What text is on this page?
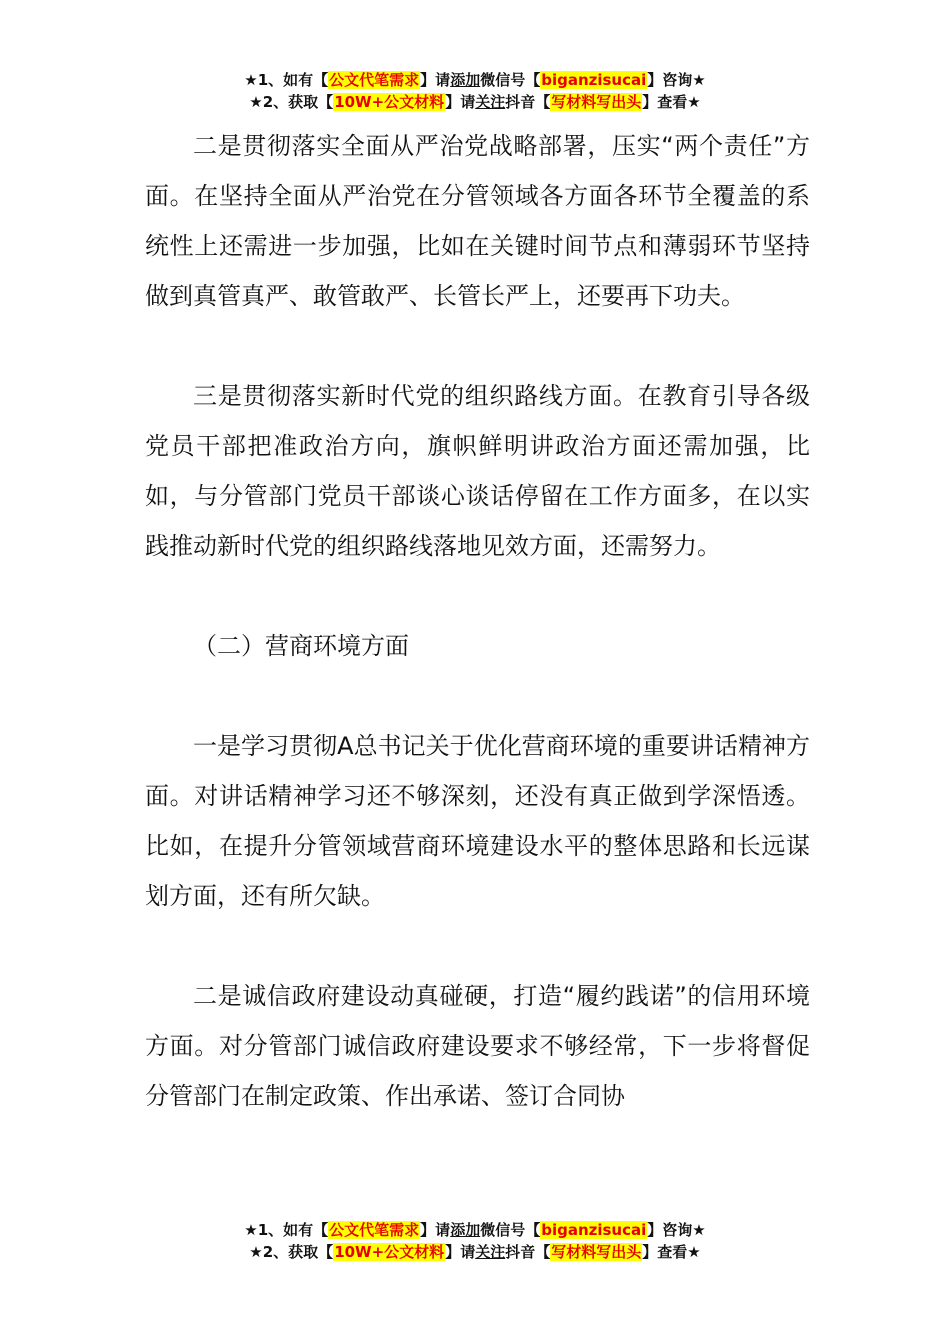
★1、如有【公文代笔需求】请添加微信号【biganzisucai】咨询★
★2、获取【10W+公文材料】请关注抖音【写材料写出头】查看★

二是贯彻落实全面从严治党战略部署，压实“两个责任”方面。在坚持全面从严治党在分管领域各方面各环节全覆盖的系统性上还需进一步加强，比如在关键时间节点和薄弱环节坚持做到真管真严、敢管敢严、长管长严上，还要再下功夫。

三是贯彻落实新时代党的组织路线方面。在教育引导各级党员干部把准政治方向，旗帜鲜明讲政治方面还需加强，比如，与分管部门党员干部谈心谈话停留在工作方面多，在以实践推动新时代党的组织路线落地见效方面，还需努力。

（二）营商环境方面

一是学习贯彻A总书记关于优化营商环境的重要讲话精神方面。对讲话精神学习还不够深刻，还没有真正做到学深悟透。比如，在提升分管领域营商环境建设水平的整体思路和长远谋划方面，还有所欠缺。

二是诚信政府建设动真碰硬，打造“履约践诺”的信用环境方面。对分管部门诚信政府建设要求不够经常，下一步将督促分管部门在制定政策、作出承诺、签订合同协

★1、如有【公文代笔需求】请添加微信号【biganzisucai】咨询★
★2、获取【10W+公文材料】请关注抖音【写材料写出头】查看★
